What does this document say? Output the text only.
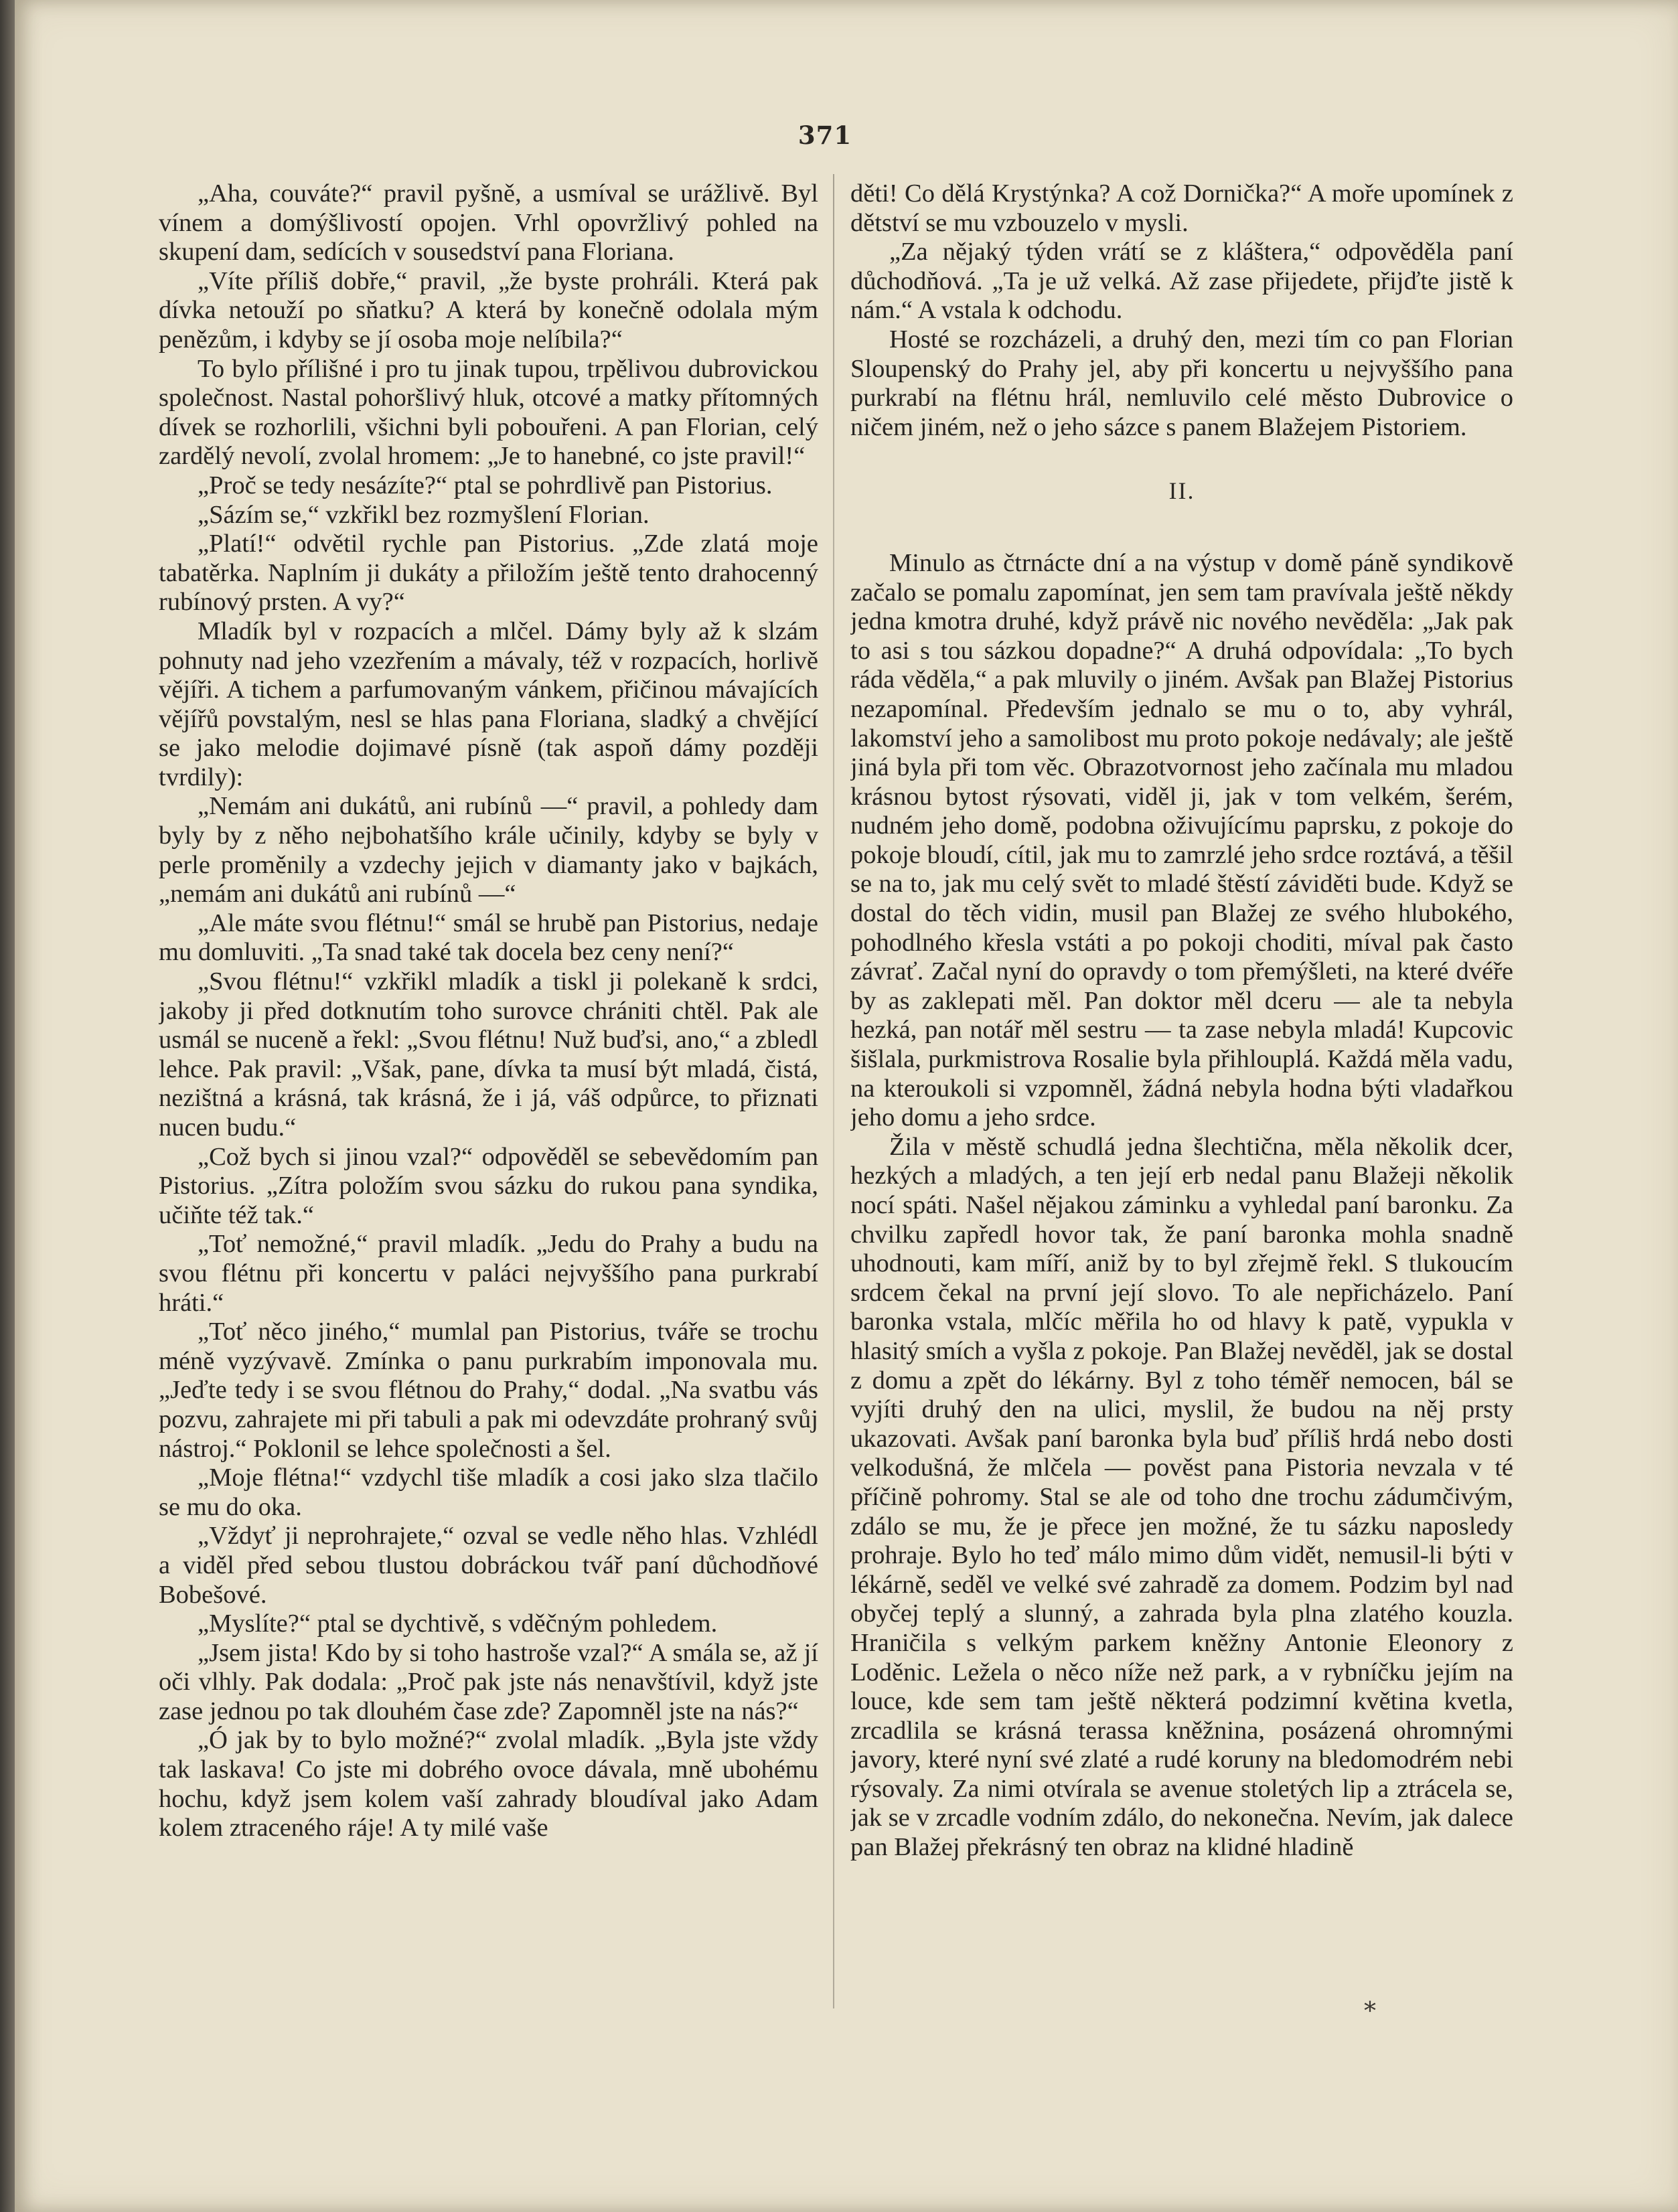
371

„Aha, couváte?“ pravil pyšně, a usmíval se urážlivě. Byl vínem a domýšlivostí opojen. Vrhl opovržlivý pohled na skupení dam, sedících v sousedství pana Floriana.

„Víte příliš dobře,“ pravil, „že byste prohráli. Která pak dívka netouží po sňatku? A která by konečně odolala mým penězům, i kdyby se jí osoba moje nelíbila?“

To bylo přílišné i pro tu jinak tupou, trpělivou dubrovickou společnost. Nastal pohoršlivý hluk, otcové a matky přítomných dívek se rozhorlili, všichni byli pobouřeni. A pan Florian, celý zardělý nevolí, zvolal hromem: „Je to hanebné, co jste pravil!“

„Proč se tedy nesázíte?“ ptal se pohrdlivě pan Pistorius.

„Sázím se,“ vzkřikl bez rozmyšlení Florian.

„Platí!“ odvětil rychle pan Pistorius. „Zde zlatá moje tabatěrka. Naplním ji dukáty a přiložím ještě tento drahocenný rubínový prsten. A vy?“

Mladík byl v rozpacích a mlčel. Dámy byly až k slzám pohnuty nad jeho vzezřením a mávaly, též v rozpacích, horlivě vějíři. A tichem a parfumovaným vánkem, přičinou mávajících vějířů povstalým, nesl se hlas pana Floriana, sladký a chvějící se jako melodie dojimavé písně (tak aspoň dámy později tvrdily):

„Nemám ani dukátů, ani rubínů —“ pravil, a pohledy dam byly by z něho nejbohatšího krále učinily, kdyby se byly v perle proměnily a vzdechy jejich v diamanty jako v bajkách, „nemám ani dukátů ani rubínů —“

„Ale máte svou flétnu!“ smál se hrubě pan Pistorius, nedaje mu domluviti. „Ta snad také tak docela bez ceny není?“

„Svou flétnu!“ vzkřikl mladík a tiskl ji polekaně k srdci, jakoby ji před dotknutím toho surovce chrániti chtěl. Pak ale usmál se nuceně a řekl: „Svou flétnu! Nuž buďsi, ano,“ a zbledl lehce. Pak pravil: „Však, pane, dívka ta musí být mladá, čistá, nezištná a krásná, tak krásná, že i já, váš odpůrce, to přiznati nucen budu.“

„Což bych si jinou vzal?“ odpověděl se sebevědomím pan Pistorius. „Zítra položím svou sázku do rukou pana syndika, učiňte též tak.“

„Toť nemožné,“ pravil mladík. „Jedu do Prahy a budu na svou flétnu při koncertu v paláci nejvyššího pana purkrabí hráti.“

„Toť něco jiného,“ mumlal pan Pistorius, tváře se trochu méně vyzývavě. Zmínka o panu purkrabím imponovala mu. „Jeďte tedy i se svou flétnou do Prahy,“ dodal. „Na svatbu vás pozvu, zahrajete mi při tabuli a pak mi odevzdáte prohraný svůj nástroj.“ Poklonil se lehce společnosti a šel.

„Moje flétna!“ vzdychl tiše mladík a cosi jako slza tlačilo se mu do oka.

„Vždyť ji neprohrajete,“ ozval se vedle něho hlas. Vzhlédl a viděl před sebou tlustou dobráckou tvář paní důchodňové Bobešové.

„Myslíte?“ ptal se dychtivě, s vděčným pohledem.

„Jsem jista! Kdo by si toho hastroše vzal?“ A smála se, až jí oči vlhly. Pak dodala: „Proč pak jste nás nenavštívil, když jste zase jednou po tak dlouhém čase zde? Zapomněl jste na nás?“

„Ó jak by to bylo možné?“ zvolal mladík. „Byla jste vždy tak laskava! Co jste mi dobrého ovoce dávala, mně ubohému hochu, když jsem kolem vaší zahrady bloudíval jako Adam kolem ztraceného ráje! A ty milé vaše

děti! Co dělá Krystýnka? A což Dornička?“ A moře upomínek z dětství se mu vzbouzelo v mysli.

„Za nějaký týden vrátí se z kláštera,“ odpověděla paní důchodňová. „Ta je už velká. Až zase přijedete, přijďte jistě k nám.“ A vstala k odchodu.

Hosté se rozcházeli, a druhý den, mezi tím co pan Florian Sloupenský do Prahy jel, aby při koncertu u nejvyššího pana purkrabí na flétnu hrál, nemluvilo celé město Dubrovice o ničem jiném, než o jeho sázce s panem Blažejem Pistoriem.

II.

Minulo as čtrnácte dní a na výstup v domě páně syndikově začalo se pomalu zapomínat, jen sem tam pravívala ještě někdy jedna kmotra druhé, když právě nic nového nevěděla: „Jak pak to asi s tou sázkou dopadne?“ A druhá odpovídala: „To bych ráda věděla,“ a pak mluvily o jiném. Avšak pan Blažej Pistorius nezapomínal. Především jednalo se mu o to, aby vyhrál, lakomství jeho a samolibost mu proto pokoje nedávaly; ale ještě jiná byla při tom věc. Obrazotvornost jeho začínala mu mladou krásnou bytost rýsovati, viděl ji, jak v tom velkém, šerém, nudném jeho domě, podobna oživujícímu paprsku, z pokoje do pokoje bloudí, cítil, jak mu to zamrzlé jeho srdce roztává, a těšil se na to, jak mu celý svět to mladé štěstí záviděti bude. Když se dostal do těch vidin, musil pan Blažej ze svého hlubokého, pohodlného křesla vstáti a po pokoji choditi, míval pak často závrať. Začal nyní do opravdy o tom přemýšleti, na které dvéře by as zaklepati měl. Pan doktor měl dceru — ale ta nebyla hezká, pan notář měl sestru — ta zase nebyla mladá! Kupcovic šišlala, purkmistrova Rosalie byla přihlouplá. Každá měla vadu, na kteroukoli si vzpomněl, žádná nebyla hodna býti vladařkou jeho domu a jeho srdce.

Žila v městě schudlá jedna šlechtična, měla několik dcer, hezkých a mladých, a ten její erb nedal panu Blažeji několik nocí spáti. Našel nějakou záminku a vyhledal paní baronku. Za chvilku zapředl hovor tak, že paní baronka mohla snadně uhodnouti, kam míří, aniž by to byl zřejmě řekl. S tlukoucím srdcem čekal na první její slovo. To ale nepřicházelo. Paní baronka vstala, mlčíc měřila ho od hlavy k patě, vypukla v hlasitý smích a vyšla z pokoje. Pan Blažej nevěděl, jak se dostal z domu a zpět do lékárny. Byl z toho téměř nemocen, bál se vyjíti druhý den na ulici, myslil, že budou na něj prsty ukazovati. Avšak paní baronka byla buď příliš hrdá nebo dosti velkodušná, že mlčela — pověst pana Pistoria nevzala v té příčině pohromy. Stal se ale od toho dne trochu zádumčivým, zdálo se mu, že je přece jen možné, že tu sázku naposledy prohraje. Bylo ho teď málo mimo dům vidět, nemusil-li býti v lékárně, seděl ve velké své zahradě za domem. Podzim byl nad obyčej teplý a slunný, a zahrada byla plna zlatého kouzla. Hraničila s velkým parkem kněžny Antonie Eleonory z Loděnic. Ležela o něco níže než park, a v rybníčku jejím na louce, kde sem tam ještě některá podzimní květina kvetla, zrcadlila se krásná terassa kněžnina, posázená ohromnými javory, které nyní své zlaté a rudé koruny na bledomodrém nebi rýsovaly. Za nimi otvírala se avenue stoletých lip a ztrácela se, jak se v zrcadle vodním zdálo, do nekonečna. Nevím, jak dalece pan Blažej překrásný ten obraz na klidné hladině

*
